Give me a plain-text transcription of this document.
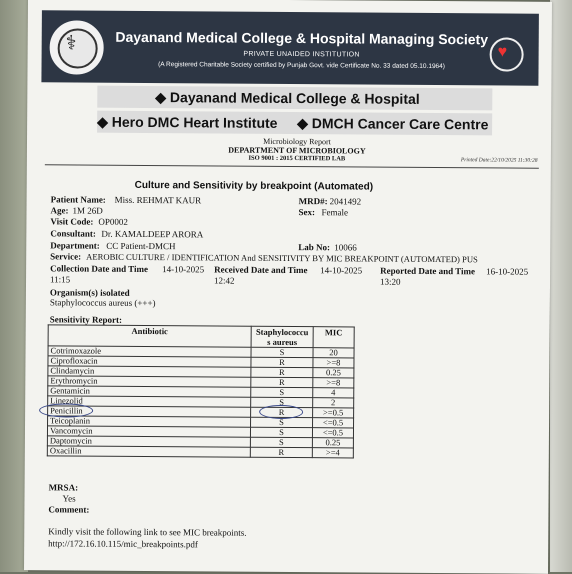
⚕	♥
Dayanand Medical College & Hospital Managing Society
PRIVATE UNAIDED INSTITUTION
(A Registered Charitable Society certified by Punjab Govt. vide Certificate No. 33 dated 05.10.1964)
◆ Dayanand Medical College & Hospital
◆ Hero DMC Heart Institute ◆ DMCH Cancer Care Centre
Microbiology Report
DEPARTMENT OF MICROBIOLOGY
ISO 9001 : 2015 CERTIFIED LAB	Printed Date:22/10/2025 11:30:28
Culture and Sensitivity by breakpoint (Automated)
Patient Name: Miss. REHMAT KAUR	MRD#: 2041492
Age: 1M 26D	Sex: Female
Visit Code: OP0002
Consultant: Dr. KAMALDEEP ARORA
Department: CC Patient-DMCH	Lab No: 10066
Service: AEROBIC CULTURE / IDENTIFICATION And SENSITIVITY BY MIC BREAKPOINT (AUTOMATED) PUS
Collection Date and Time 14-10-2025
11:15
Received Date and Time 14-10-2025
12:42
Reported Date and Time 16-10-2025
13:20
Organism(s) isolated
Staphylococcus aureus (+++)
Sensitivity Report:
Antibiotic	Staphylococcu s aureus	MIC
Cotrimoxazole	S	20
Ciprofloxacin	R	>=8
Clindamycin	R	0.25
Erythromycin	R	>=8
Gentamicin	S	4
Linezolid	S	2
Penicillin	R	>=0.5
Teicoplanin	S	<=0.5
Vancomycin	S	<=0.5
Daptomycin	S	0.25
Oxacillin	R	>=4
MRSA:
Yes
Comment:
Kindly visit the following link to see MIC breakpoints.
http://172.16.10.115/mic_breakpoints.pdf
